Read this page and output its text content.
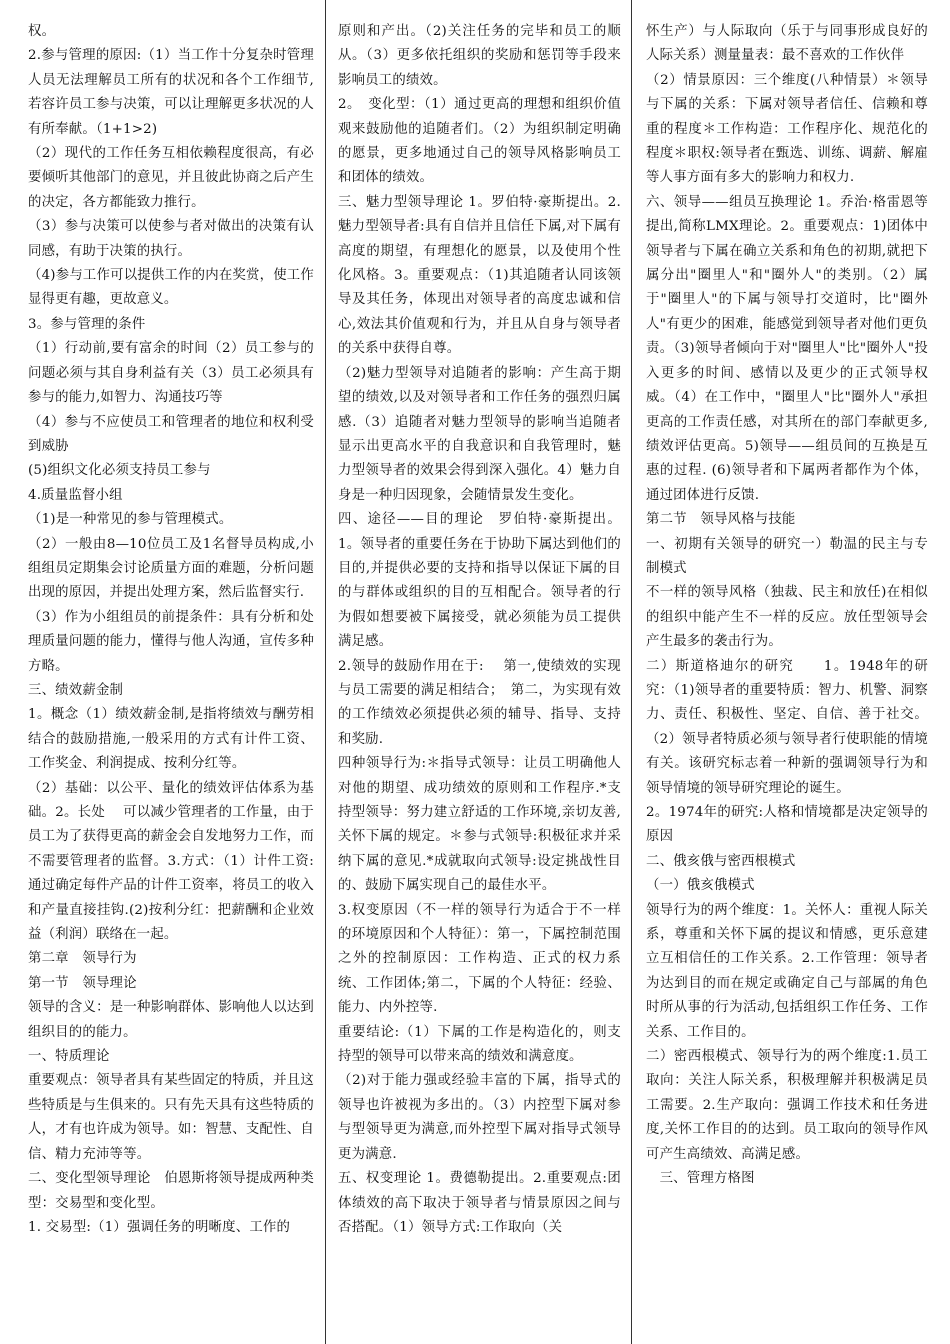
权。

2.参与管理的原因:（1）当工作十分复杂时管理人员无法理解员工所有的状况和各个工作细节,若容许员工参与决策，可以让理解更多状况的人有所奉献。（1+1>2)

（2）现代的工作任务互相依赖程度很高，有必要倾听其他部门的意见，并且彼此协商之后产生的决定，各方都能致力推行。

（3）参与决策可以使参与者对做出的决策有认同感，有助于决策的执行。

（4)参与工作可以提供工作的内在奖赏，使工作显得更有趣，更故意义。

3。参与管理的条件

（1）行动前,要有富余的时间（2）员工参与的问题必须与其自身利益有关（3）员工必须具有参与的能力,如智力、沟通技巧等

（4）参与不应使员工和管理者的地位和权利受到威胁

(5)组织文化必须支持员工参与

4.质量监督小组

（1)是一种常见的参与管理模式。

（2）一般由8—10位员工及1名督导员构成,小组组员定期集会讨论质量方面的难题，分析问题出现的原因，并提出处理方案，然后监督实行.

（3）作为小组组员的前提条件：具有分析和处理质量问题的能力，懂得与他人沟通，宣传多种方略。

三、绩效薪金制

1。概念（1）绩效薪金制,是指将绩效与酬劳相结合的鼓励措施,一般采用的方式有计件工资、工作奖金、利润提成、按利分红等。

（2）基础：以公平、量化的绩效评估体系为基础。2。长处　 可以减少管理者的工作量，由于员工为了获得更高的薪金会自发地努力工作，而不需要管理者的监督。3.方式：（1）计件工资:通过确定每件产品的计件工资率，将员工的收入和产量直接挂钩.(2)按利分红：把薪酬和企业效益（利润）联络在一起。

第二章　领导行为

第一节　领导理论

领导的含义：是一种影响群体、影响他人以达到组织目的的能力。

一、特质理论

重要观点：领导者具有某些固定的特质，并且这些特质是与生俱来的。只有先天具有这些特质的人，才有也许成为领导。如：智慧、支配性、自信、精力充沛等等。

二、变化型领导理论　伯恩斯将领导提成两种类型：交易型和变化型。

1. 交易型:（1）强调任务的明晰度、工作的

原则和产出。（2)关注任务的完毕和员工的顺从。（3）更多依托组织的奖励和惩罚等手段来影响员工的绩效。

2。　变化型：（1）通过更高的理想和组织价值观来鼓励他的追随者们。（2）为组织制定明确的愿景，更多地通过自己的领导风格影响员工和团体的绩效。

三、魅力型领导理论 1。罗伯特·豪斯提出。2.魅力型领导者:具有自信并且信任下属,对下属有高度的期望，有理想化的愿景，以及使用个性化风格。3。重要观点：（1)其追随者认同该领导及其任务，体现出对领导者的高度忠诚和信心,效法其价值观和行为，并且从自身与领导者的关系中获得自尊。

（2)魅力型领导对追随者的影响：产生高于期望的绩效,以及对领导者和工作任务的强烈归属感.（3）追随者对魅力型领导的影响当追随者显示出更高水平的自我意识和自我管理时，魅力型领导者的效果会得到深入强化。4）魅力自身是一种归因现象，会随情景发生变化。

四、途径——目的理论　罗伯特·豪斯提出。1。领导者的重要任务在于协助下属达到他们的目的,并提供必要的支持和指导以保证下属的目的与群体或组织的目的互相配合。领导者的行为假如想要被下属接受，就必须能为员工提供满足感。

2.领导的鼓励作用在于:　 第一,使绩效的实现与员工需要的满足相结合；　第二，为实现有效的工作绩效必须提供必须的辅导、指导、支持和奖励.

四种领导行为:＊指导式领导：让员工明确他人对他的期望、成功绩效的原则和工作程序.*支持型领导：努力建立舒适的工作环境,亲切友善,关怀下属的规定。＊参与式领导:积极征求并采纳下属的意见.*成就取向式领导:设定挑战性目的、鼓励下属实现自己的最佳水平。

3.权变原因（不一样的领导行为适合于不一样的环境原因和个人特征）：第一，下属控制范围之外的控制原因：工作构造、正式的权力系统、工作团体;第二，下属的个人特征：经验、能力、内外控等.

重要结论:（1）下属的工作是构造化的，则支持型的领导可以带来高的绩效和满意度。

（2)对于能力强或经验丰富的下属，指导式的领导也许被视为多出的。（3）内控型下属对参与型领导更为满意,而外控型下属对指导式领导更为满意.

五、权变理论 1。费德勒提出。2.重要观点:团体绩效的高下取决于领导者与情景原因之间与否搭配。（1）领导方式:工作取向（关

怀生产）与人际取向（乐于与同事形成良好的人际关系）测量量表：最不喜欢的工作伙伴

（2）情景原因：三个维度(八种情景）＊领导与下属的关系：下属对领导者信任、信赖和尊重的程度＊工作构造：工作程序化、规范化的程度＊职权:领导者在甄选、训练、调薪、解雇等人事方面有多大的影响力和权力.

六、领导——组员互换理论 1。乔治·格雷恩等提出,简称LMX理论。2。重要观点：1)团体中领导者与下属在确立关系和角色的初期,就把下属分出"圈里人"和"圈外人"的类别。（2）属于"圈里人"的下属与领导打交道时，比"圈外人"有更少的困难，能感觉到领导者对他们更负责。（3)领导者倾向于对"圈里人"比"圈外人"投入更多的时间、感情以及更少的正式领导权威。（4）在工作中，"圈里人"比"圈外人"承担更高的工作责任感，对其所在的部门奉献更多,绩效评估更高。5)领导——组员间的互换是互惠的过程. (6)领导者和下属两者都作为个体，通过团体进行反馈.

第二节　领导风格与技能

一、初期有关领导的研究一）勒温的民主与专制模式

不一样的领导风格（独裁、民主和放任)在相似的组织中能产生不一样的反应。放任型领导会产生最多的袭击行为。

二）斯道格迪尔的研究　　1。1948年的研究：（1)领导者的重要特质：智力、机警、洞察力、责任、积极性、坚定、自信、善于社交。（2）领导者特质必须与领导者行使职能的情境有关。该研究标志着一种新的强调领导行为和领导情境的领导研究理论的诞生。

2。1974年的研究:人格和情境都是决定领导的原因

二、俄亥俄与密西根模式

（一）俄亥俄模式

领导行为的两个维度：1。关怀人：重视人际关系，尊重和关怀下属的提议和情感，更乐意建立互相信任的工作关系。2.工作管理：领导者为达到目的而在规定或确定自己与部属的角色时所从事的行为活动,包括组织工作任务、工作关系、工作目的。

二）密西根模式、领导行为的两个维度:1.员工取向：关注人际关系，积极理解并积极满足员工需要。2.生产取向：强调工作技术和任务进度,关怀工作目的的达到。员工取向的领导作风可产生高绩效、高满足感。

　三、管理方格图
